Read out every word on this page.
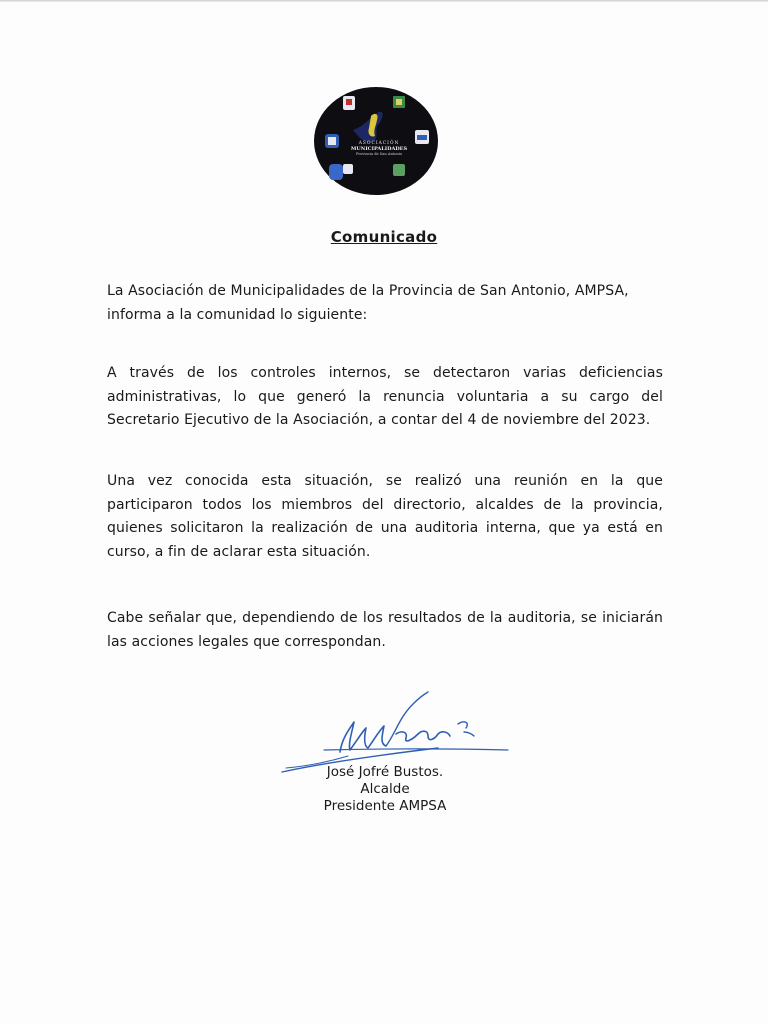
ASOCIACIÓN
MUNICIPALIDADES
Provincia de San Antonio
Comunicado
La Asociación de Municipalidades de la Provincia de San Antonio, AMPSA, informa a la comunidad lo siguiente:
A través de los controles internos, se detectaron varias deficiencias administrativas, lo que generó la renuncia voluntaria a su cargo del Secretario Ejecutivo de la Asociación, a contar del 4 de noviembre del 2023.
Una vez conocida esta situación, se realizó una reunión en la que participaron todos los miembros del directorio, alcaldes de la provincia, quienes solicitaron la realización de una auditoria interna, que ya está en curso, a fin de aclarar esta situación.
Cabe señalar que, dependiendo de los resultados de la auditoria, se iniciarán las acciones legales que correspondan.
José Jofré Bustos.
Alcalde
Presidente AMPSA
